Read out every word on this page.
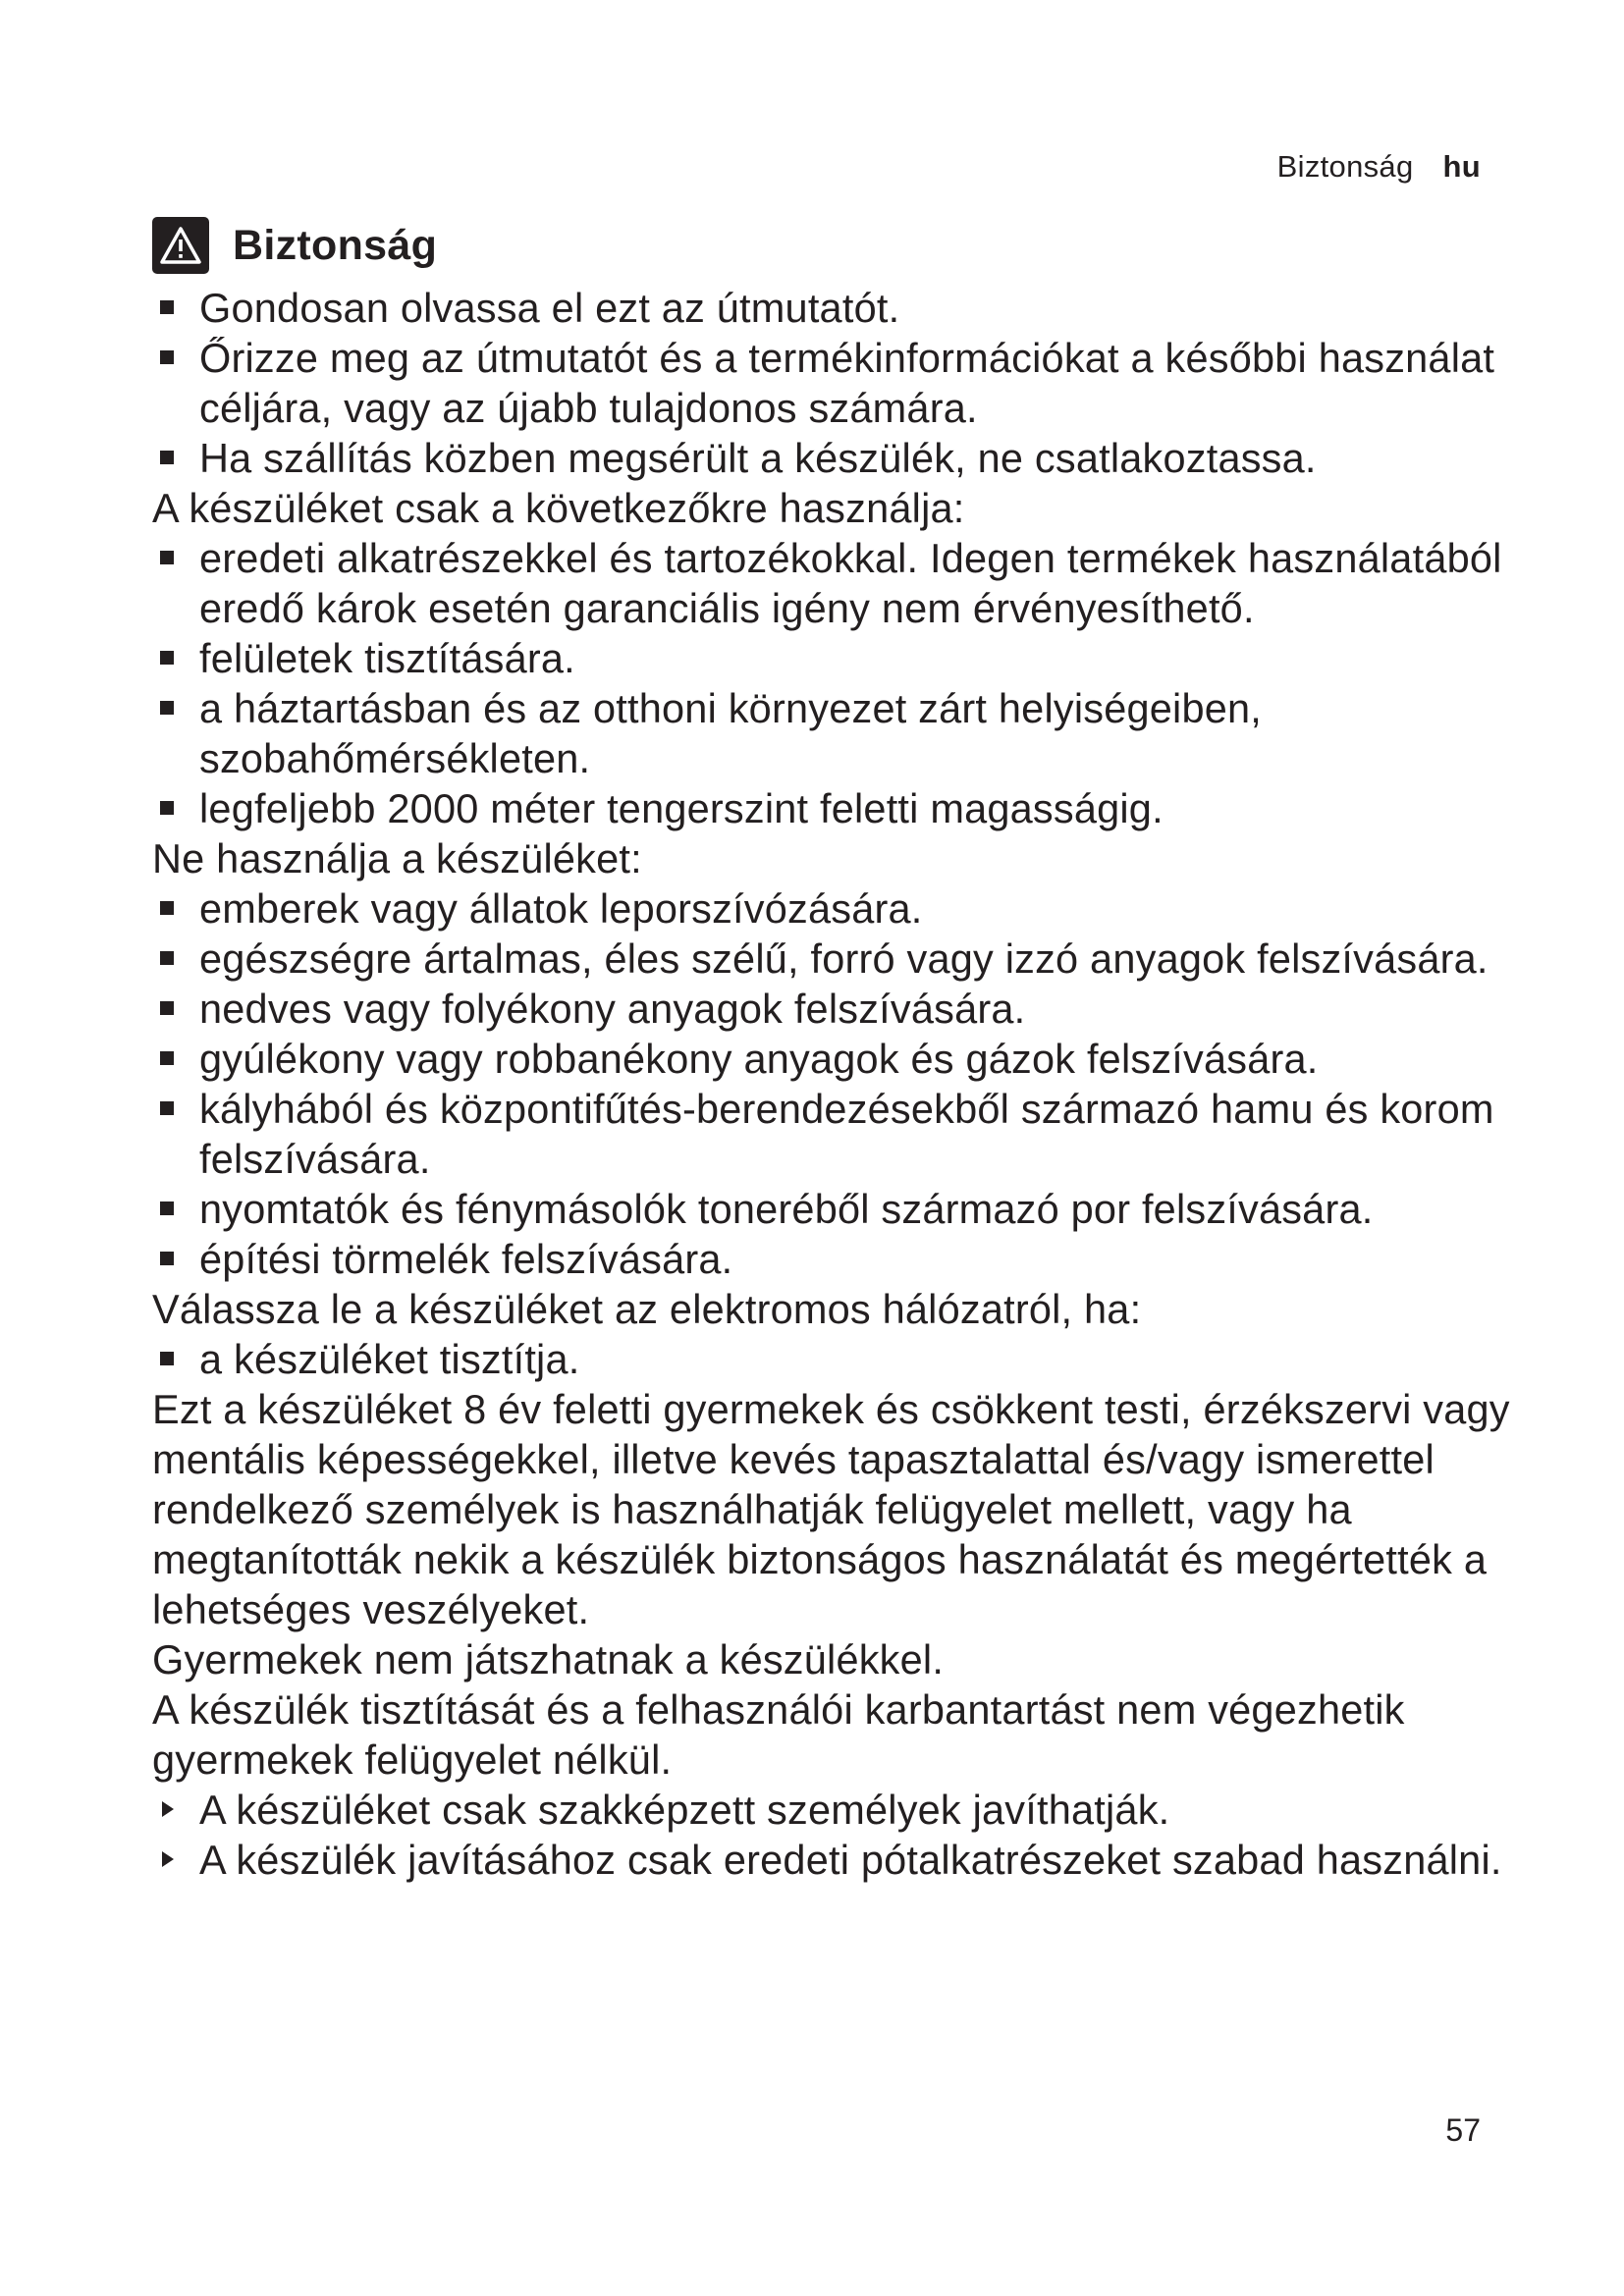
Biztonság hu
Biztonság
Gondosan olvassa el ezt az útmutatót.
Őrizze meg az útmutatót és a termékinformációkat a későbbi használat céljára, vagy az újabb tulajdonos számára.
Ha szállítás közben megsérült a készülék, ne csatlakoztassa.

A készüléket csak a következőkre használja:

eredeti alkatrészekkel és tartozékokkal. Idegen termékek használatából eredő károk esetén garanciális igény nem érvényesíthető.
felületek tisztítására.
a háztartásban és az otthoni környezet zárt helyiségeiben, szobahőmérsékleten.
legfeljebb 2000 méter tengerszint feletti magasságig.

Ne használja a készüléket:

emberek vagy állatok leporszívózására.
egészségre ártalmas, éles szélű, forró vagy izzó anyagok felszívására.
nedves vagy folyékony anyagok felszívására.
gyúlékony vagy robbanékony anyagok és gázok felszívására.
kályhából és központifűtés-berendezésekből származó hamu és korom felszívására.
nyomtatók és fénymásolók toneréből származó por felszívására.
építési törmelék felszívására.

Válassza le a készüléket az elektromos hálózatról, ha:

a készüléket tisztítja.

Ezt a készüléket 8 év feletti gyermekek és csökkent testi, érzékszervi vagy mentális képességekkel, illetve kevés tapasztalattal és/vagy ismerettel rendelkező személyek is használhatják felügyelet mellett, vagy ha megtanították nekik a készülék biztonságos használatát és megértették a lehetséges veszélyeket.

Gyermekek nem játszhatnak a készülékkel.

A készülék tisztítását és a felhasználói karbantartást nem végezhetik gyermekek felügyelet nélkül.

A készüléket csak szakképzett személyek javíthatják.
A készülék javításához csak eredeti pótalkatrészeket szabad használni.
57
